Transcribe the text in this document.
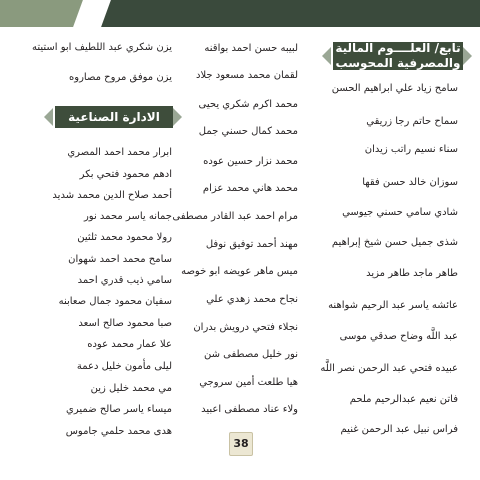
تابع/ العلــــوم المالية
والمصرفية المحوسب
الادارة الصناعية
سامح زياد علي ابراهيم الحسن
سماح حاتم رجا زريقي
سناء نسيم راتب زيدان
سوزان خالد حسن فقها
شادي سامي حسني جيوسي
شذى جميل حسن شيخ إبراهيم
طاهر ماجد طاهر مزيد
عائشه ياسر عبد الرحيم شواهنه
عبد اللَّه وضاح صدقي موسى
عبيده فتحي عبد الرحمن نصر اللَّه
فاتن نعيم عبدالرحيم ملحم
فراس نبيل عبد الرحمن غنيم
لبيبه حسن احمد بواقنه
لقمان محمد مسعود جلاد
محمد اكرم شكري يحيى
محمد كمال حسني جمل
محمد نزار حسين عوده
محمد هاني محمد عزام
مرام احمد عبد القادر مصطفى
مهند أحمد توفيق نوفل
ميس ماهر عويضه ابو خوصه
نجاح محمد زهدي علي
نجلاء فتحي درويش بدران
نور خليل مصطفى شن
هيا طلعت أمين سروجي
ولاء عناد مصطفى اعبيد
يزن شكري عبد اللطيف ابو استيته
يزن موفق مروح مصاروه
ابرار محمد احمد المصري
ادهم محمود فتحي بكر
أحمد صلاح الدين محمد شديد
جمانه ياسر محمد نور
رولا محمود محمد ثلثين
سامح محمد احمد شهوان
سامي ذيب قدري احمد
سفيان محمود جمال صعابنه
صبا محمود صالح اسعد
علا عمار محمد عوده
ليلى مأمون خليل دعمة
مي محمد خليل زين
ميساء ياسر صالح ضميري
هدى محمد حلمي جاموس
38
